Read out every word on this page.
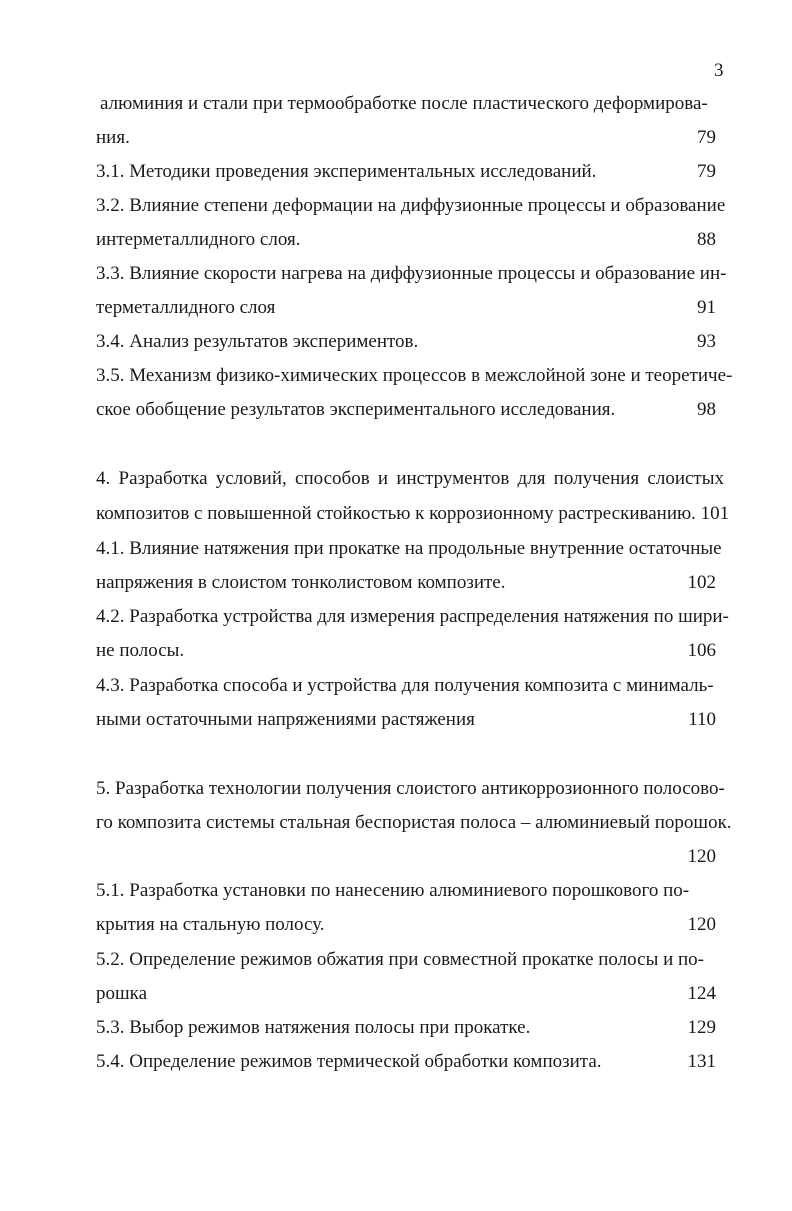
3
алюминия и стали при термообработке после пластического деформирова-
ния.	79
3.1. Методики проведения экспериментальных исследований.	79
3.2. Влияние степени деформации на диффузионные процессы и образование
интерметаллидного слоя.	88
3.3. Влияние скорости нагрева на диффузионные процессы и образование ин-
терметаллидного слоя	91
3.4. Анализ результатов экспериментов.	93
3.5. Механизм физико-химических процессов в межслойной зоне и теоретиче-
ское обобщение результатов экспериментального исследования.	98
4. Разработка условий, способов и инструментов для получения слоистых
композитов с повышенной стойкостью к коррозионному растрескиванию. 101
4.1. Влияние натяжения при прокатке на продольные внутренние остаточные
напряжения в слоистом тонколистовом композите.	102
4.2. Разработка устройства для измерения распределения натяжения по шири-
не полосы.	106
4.3. Разработка способа и устройства для получения композита с минималь-
ными остаточными напряжениями растяжения	110
5. Разработка технологии получения слоистого антикоррозионного полосово-
го композита системы стальная беспористая полоса – алюминиевый порошок.
120
5.1. Разработка установки по нанесению алюминиевого порошкового по-
крытия на стальную полосу.	120
5.2. Определение режимов обжатия при совместной прокатке полосы и по-
рошка	124
5.3. Выбор режимов натяжения полосы при прокатке.	129
5.4. Определение режимов термической обработки композита.	131
